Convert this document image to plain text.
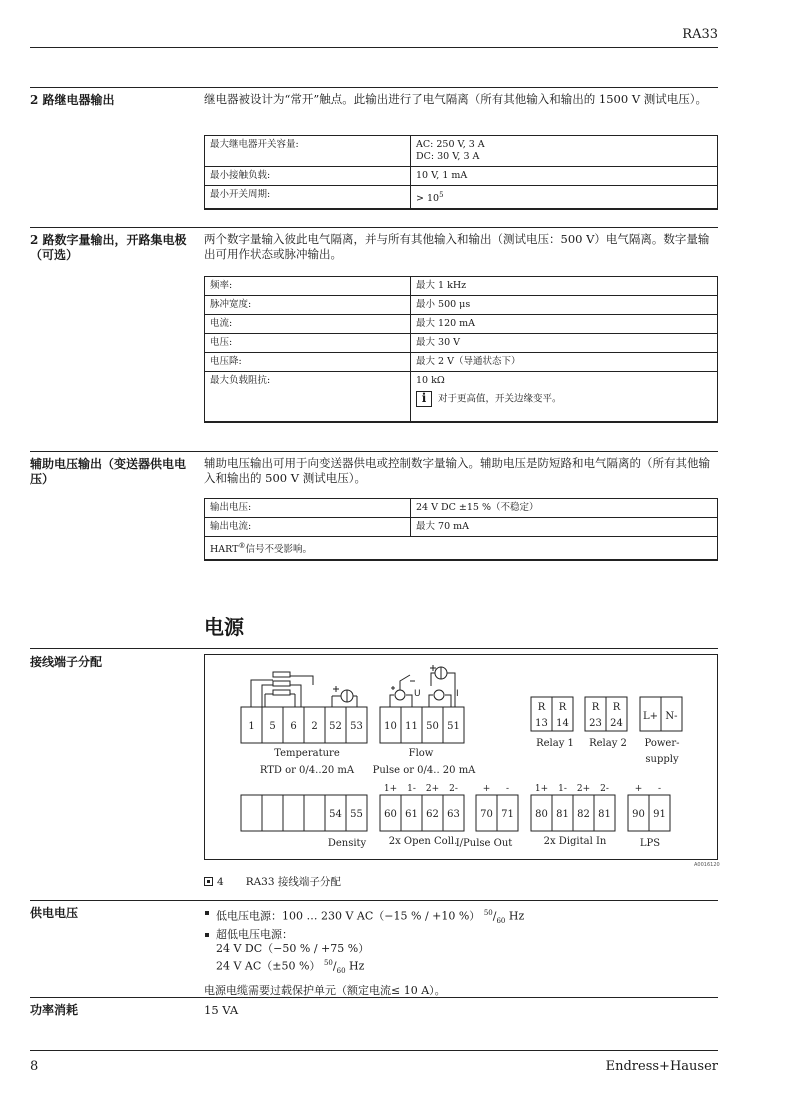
RA33
2 路继电器输出	继电器被设计为“常开”触点。此输出进行了电气隔离（所有其他输入和输出的 1500 V 测试电压）。
最大继电器开关容量:	AC: 250 V, 3 A
DC: 30 V, 3 A

最小接触负载:	10 V, 1 mA
最小开关周期:	> $10^5$
2 路数字量输出，开路集电极（可选）
两个数字量输入彼此电气隔离，并与所有其他输入和输出（测试电压：500 V）电气隔离。数字量输出可用作状态或脉冲输出。
频率:	最大 1 kHz
脉冲宽度:	最小 500 μs
电流:	最大 120 mA
电压:	最大 30 V
电压降:	最大 2 V（导通状态下）
最大负载阻抗:	10 kΩ
i 对于更高值，开关边缘变平。
辅助电压输出（变送器供电电压）
辅助电压输出可用于向变送器供电或控制数字量输入。辅助电压是防短路和电气隔离的（所有其他输入和输出的 500 V 测试电压）。
输出电压:	24 V DC ±15 %（不稳定）
输出电流:	最大 70 mA
HART®信号不受影响。	
电源
接线端子分配
U	I
1 5 6 2 52 53 10 11 50 51
R
13
R
14
R
23
R
24
L+ N-
Temperature
RTD or 0/4..20 mA
Flow
Pulse or 0/4.. 20 mA
Relay 1 Relay 2 Power-
supply
54 55 60 61 62 63 70 71 80 81 82 81 90 91
1+ 1- 2+ 2-	+ -	1+ 1- 2+ 2-	+ -
Density 2x Open Coll.
I/Pulse Out	2x Digital In	LPS
A0016120
4 RA33 接线端子分配
供电电压	低电压电源：100 … 230 V AC（−15 % / +10 %） $^{50}/_{60}$ Hz
超低电压电源：
24 V DC（−50 % / +75 %）
24 V AC（±50 %） $^{50}/_{60}$ Hz
电源电缆需要过载保护单元（额定电流≤ 10 A）。
功率消耗	15 VA
8	Endress+Hauser
